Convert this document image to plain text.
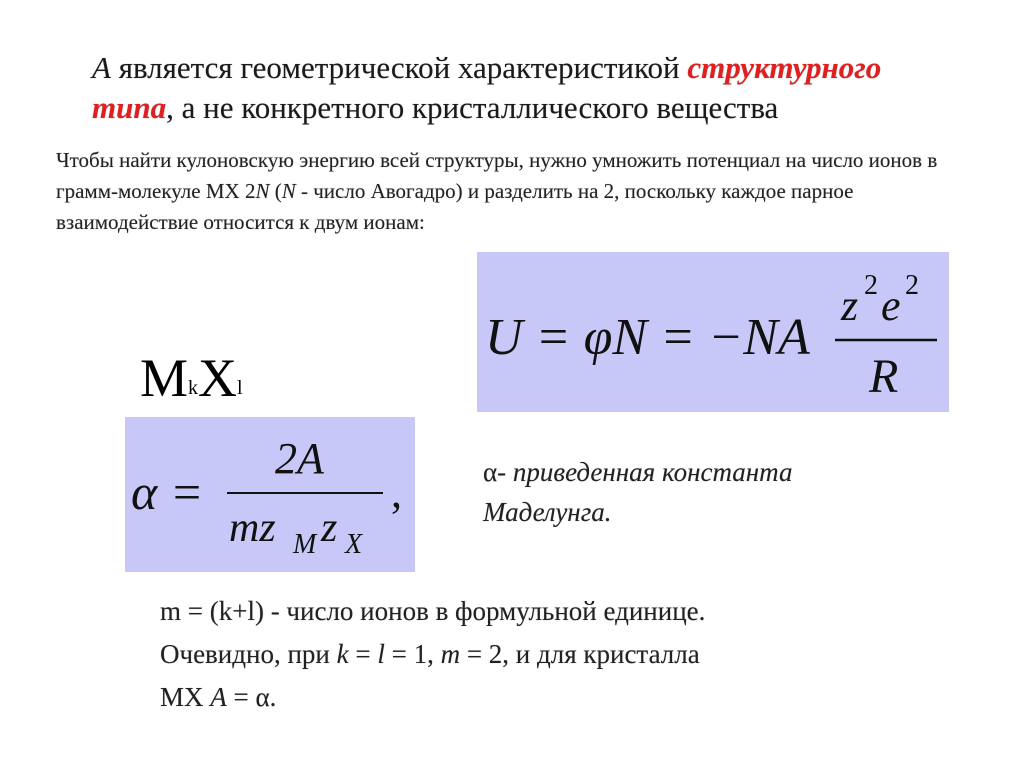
A является геометрической характеристикой структурного
типа, а не конкретного кристаллического вещества
Чтобы найти кулоновскую энергию всей структуры, нужно умножить потенциал на число ионов в грамм-молекуле MX 2N (N - число Авогадро) и разделить на 2, поскольку каждое парное взаимодействие относится к двум ионам:
U = φN = −NA
z 2 e 2
R
$M_kX_l$
α =
2A
mz M z X
,	α- приведенная константа
Маделунга.
m = (k+l) - число ионов в формульной единице.
Очевидно, при k = l = 1, m = 2, и для кристалла
MX A = α.
